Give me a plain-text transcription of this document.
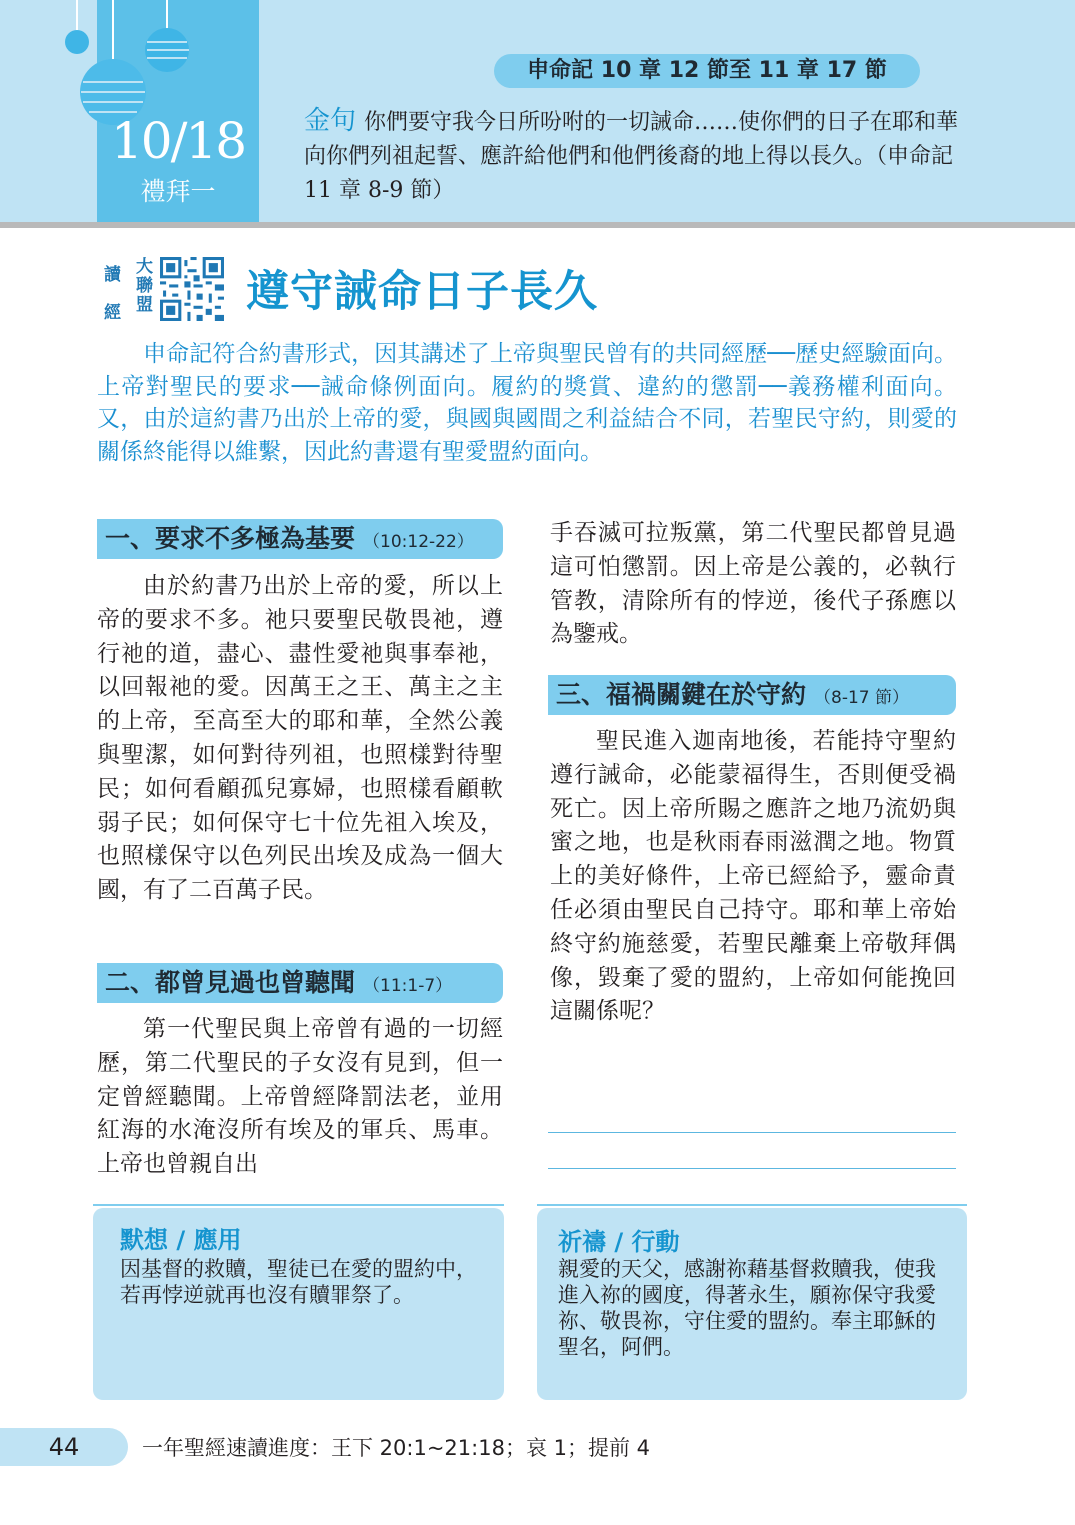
10/18
禮拜一
申命記 10 章 12 節至 11 章 17 節
金句 你們要守我今日所吩咐的一切誡命……使你們的日子在耶和華向你們列祖起誓、應許給他們和他們後裔的地上得以長久。（申命記 11 章 8-9 節）
讀
經
大聯盟 遵守誡命日子長久

申命記符合約書形式，因其講述了上帝與聖民曾有的共同經歷──歷史經驗面向。上帝對聖民的要求──誡命條例面向。履約的獎賞、違約的懲罰──義務權利面向。又，由於這約書乃出於上帝的愛，與國與國間之利益結合不同，若聖民守約，則愛的關係終能得以維繫，因此約書還有聖愛盟約面向。

一、要求不多極為基要 （10:12-22）

由於約書乃出於上帝的愛，所以上帝的要求不多。祂只要聖民敬畏祂，遵行祂的道，盡心、盡性愛祂與事奉祂，以回報祂的愛。因萬王之王、萬主之主的上帝，至高至大的耶和華，全然公義與聖潔，如何對待列祖，也照樣對待聖民；如何看顧孤兒寡婦，也照樣看顧軟弱子民；如何保守七十位先祖入埃及，也照樣保守以色列民出埃及成為一個大國，有了二百萬子民。

二、都曾見過也曾聽聞 （11:1-7）

第一代聖民與上帝曾有過的一切經歷，第二代聖民的子女沒有見到，但一定曾經聽聞。上帝曾經降罰法老，並用紅海的水淹沒所有埃及的軍兵、馬車。上帝也曾親自出

手吞滅可拉叛黨，第二代聖民都曾見過這可怕懲罰。因上帝是公義的，必執行管教，清除所有的悖逆，後代子孫應以為鑒戒。

三、福禍關鍵在於守約 （8-17 節）

聖民進入迦南地後，若能持守聖約遵行誡命，必能蒙福得生，否則便受禍死亡。因上帝所賜之應許之地乃流奶與蜜之地，也是秋雨春雨滋潤之地。物質上的美好條件，上帝已經給予，靈命責任必須由聖民自己持守。耶和華上帝始終守約施慈愛，若聖民離棄上帝敬拜偶像，毀棄了愛的盟約，上帝如何能挽回這關係呢？

默想 / 應用

因基督的救贖，聖徒已在愛的盟約中，若再悖逆就再也沒有贖罪祭了。

祈禱 / 行動

親愛的天父，感謝祢藉基督救贖我，使我進入祢的國度，得著永生，願祢保守我愛祢、敬畏祢，守住愛的盟約。奉主耶穌的聖名，阿們。

44	一年聖經速讀進度：王下 20:1~21:18；哀 1；提前 4
